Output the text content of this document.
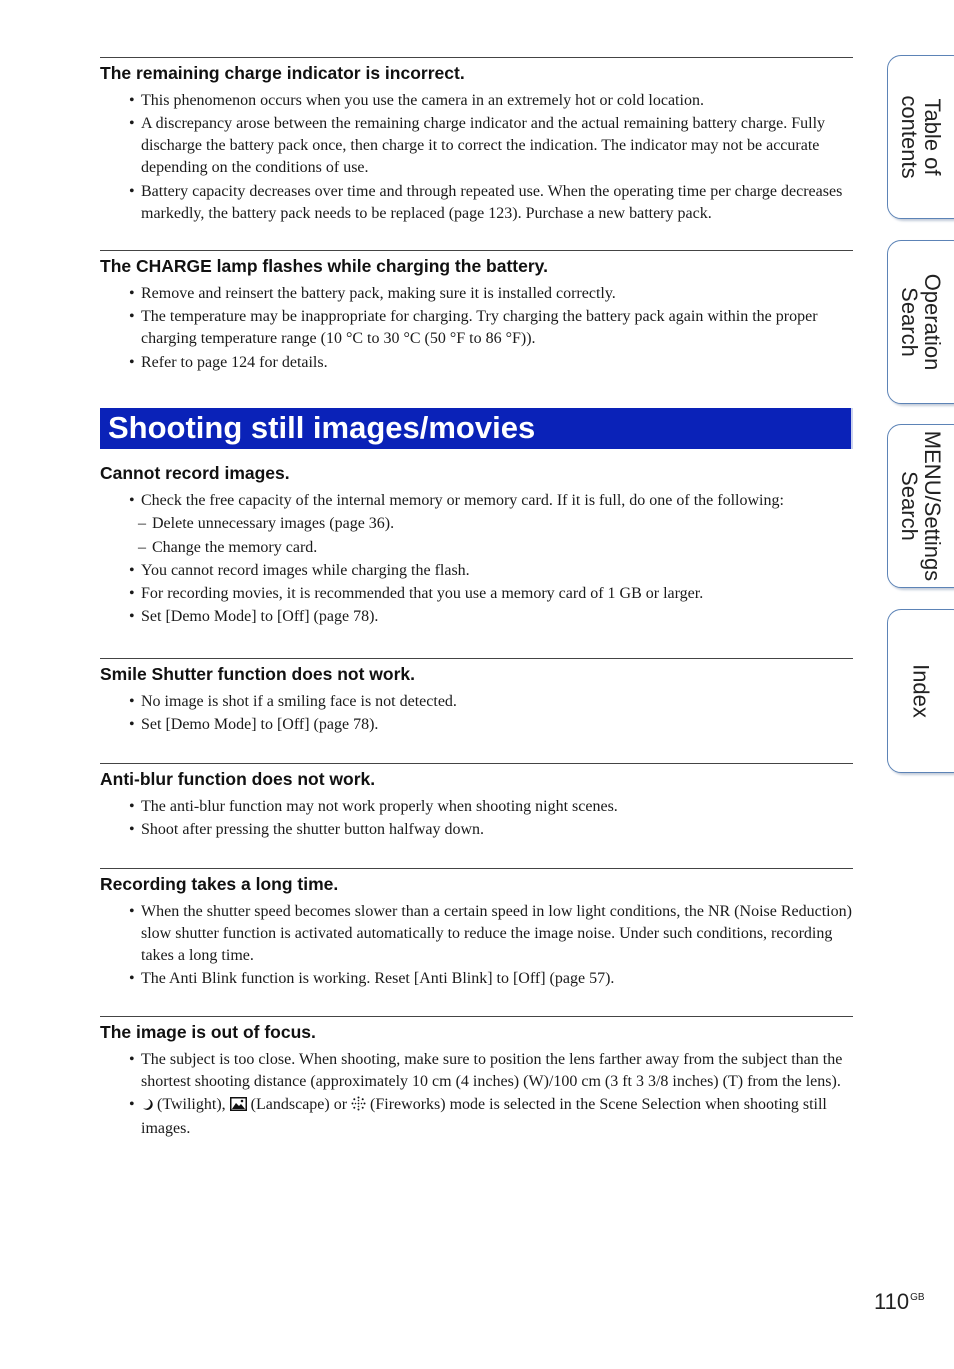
The remaining charge indicator is incorrect.
• This phenomenon occurs when you use the camera in an extremely hot or cold location.
• A discrepancy arose between the remaining charge indicator and the actual remaining battery charge. Fully discharge the battery pack once, then charge it to correct the indication. The indicator may not be accurate depending on the conditions of use.
• Battery capacity decreases over time and through repeated use. When the operating time per charge decreases markedly, the battery pack needs to be replaced (page 123). Purchase a new battery pack.
The CHARGE lamp flashes while charging the battery.
• Remove and reinsert the battery pack, making sure it is installed correctly.
• The temperature may be inappropriate for charging. Try charging the battery pack again within the proper charging temperature range (10 °C to 30 °C (50 °F to 86 °F)).
• Refer to page 124 for details.
Shooting still images/movies
Cannot record images.
• Check the free capacity of the internal memory or memory card. If it is full, do one of the following:
– Delete unnecessary images (page 36).
– Change the memory card.
• You cannot record images while charging the flash.
• For recording movies, it is recommended that you use a memory card of 1 GB or larger.
• Set [Demo Mode] to [Off] (page 78).
Smile Shutter function does not work.
• No image is shot if a smiling face is not detected.
• Set [Demo Mode] to [Off] (page 78).
Anti-blur function does not work.
• The anti-blur function may not work properly when shooting night scenes.
• Shoot after pressing the shutter button halfway down.
Recording takes a long time.
• When the shutter speed becomes slower than a certain speed in low light conditions, the NR (Noise Reduction) slow shutter function is activated automatically to reduce the image noise. Under such conditions, recording takes a long time.
• The Anti Blink function is working. Reset [Anti Blink] to [Off] (page 57).
The image is out of focus.
• The subject is too close. When shooting, make sure to position the lens farther away from the subject than the shortest shooting distance (approximately 10 cm (4 inches) (W)/100 cm (3 ft 3 3/8 inches) (T) from the lens).
• (Twilight), (Landscape) or (Fireworks) mode is selected in the Scene Selection when shooting still images.
Table of
contents
Operation
Search
MENU/Settings
Search
Index
$110^{GB}$
